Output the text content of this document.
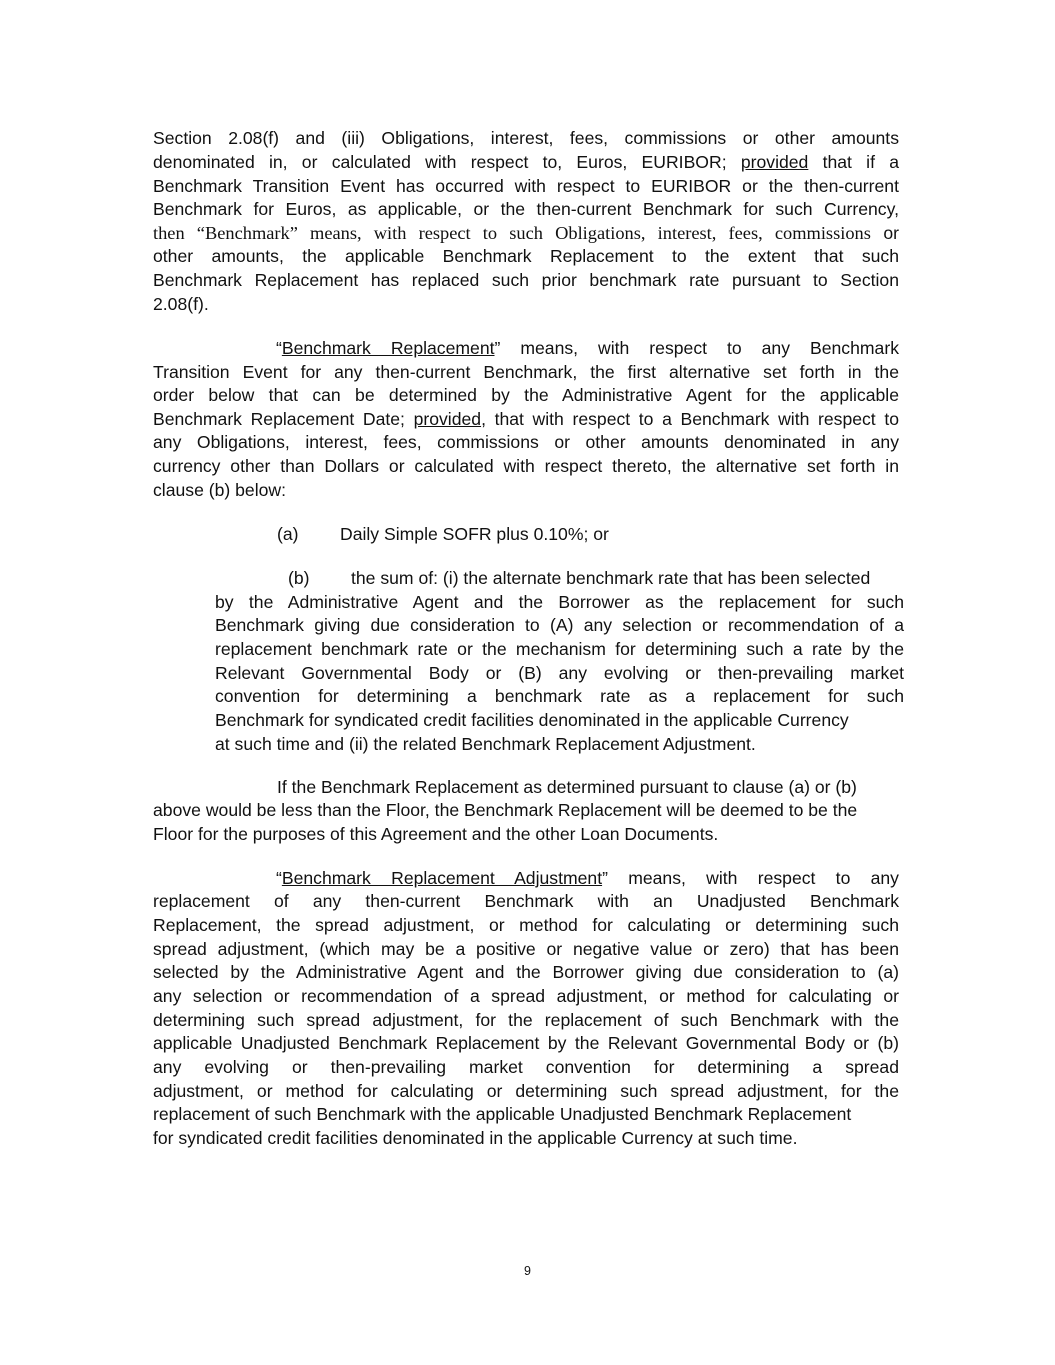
Section 2.08(f) and (iii) Obligations, interest, fees, commissions or other amounts
denominated in, or calculated with respect to, Euros, EURIBOR; provided that if a
Benchmark Transition Event has occurred with respect to EURIBOR or the then-current
Benchmark for Euros, as applicable, or the then-current Benchmark for such Currency,
then “Benchmark” means, with respect to such Obligations, interest, fees, commissions or
other amounts, the applicable Benchmark Replacement to the extent that such
Benchmark Replacement has replaced such prior benchmark rate pursuant to Section
2.08(f).
“Benchmark Replacement” means, with respect to any Benchmark
Transition Event for any then-current Benchmark, the first alternative set forth in the
order below that can be determined by the Administrative Agent for the applicable
Benchmark Replacement Date; provided, that with respect to a Benchmark with respect to
any Obligations, interest, fees, commissions or other amounts denominated in any
currency other than Dollars or calculated with respect thereto, the alternative set forth in
clause (b) below:
(a) Daily Simple SOFR plus 0.10%; or
(b) the sum of: (i) the alternate benchmark rate that has been selected
by the Administrative Agent and the Borrower as the replacement for such
Benchmark giving due consideration to (A) any selection or recommendation of a
replacement benchmark rate or the mechanism for determining such a rate by the
Relevant Governmental Body or (B) any evolving or then-prevailing market
convention for determining a benchmark rate as a replacement for such
Benchmark for syndicated credit facilities denominated in the applicable Currency
at such time and (ii) the related Benchmark Replacement Adjustment.
If the Benchmark Replacement as determined pursuant to clause (a) or (b)
above would be less than the Floor, the Benchmark Replacement will be deemed to be the
Floor for the purposes of this Agreement and the other Loan Documents.
“Benchmark Replacement Adjustment” means, with respect to any
replacement of any then-current Benchmark with an Unadjusted Benchmark
Replacement, the spread adjustment, or method for calculating or determining such
spread adjustment, (which may be a positive or negative value or zero) that has been
selected by the Administrative Agent and the Borrower giving due consideration to (a)
any selection or recommendation of a spread adjustment, or method for calculating or
determining such spread adjustment, for the replacement of such Benchmark with the
applicable Unadjusted Benchmark Replacement by the Relevant Governmental Body or (b)
any evolving or then-prevailing market convention for determining a spread
adjustment, or method for calculating or determining such spread adjustment, for the
replacement of such Benchmark with the applicable Unadjusted Benchmark Replacement
for syndicated credit facilities denominated in the applicable Currency at such time.
9
